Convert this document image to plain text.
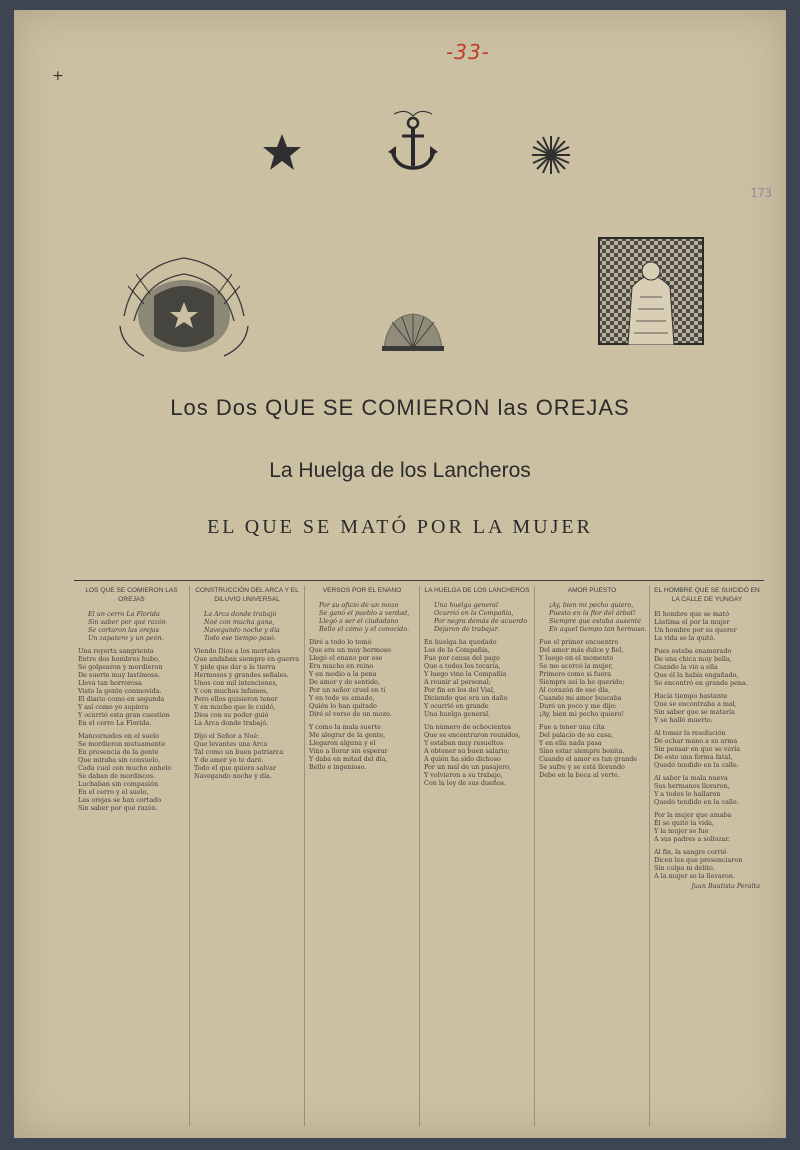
-33-
173
+
Los Dos QUE SE COMIERON las OREJAS
La Huelga de los Lancheros
EL QUE SE MATÓ POR LA MUJER
LOS QUE SE COMIERON LAS OREJAS
El un cerro La Florida
Sin saber por qué razón
Se cortaron las orejas
Un zapatero y un peón.
Una reyerta sangrienta
Entre dos hombres hubo,
Se golpearon y mordieron
De suerte muy lastimosa.
Lleva tan horrorosa
Visto la gente conmovida.
El diario como en segunda
Y así como yo supiera
Y ocurrió esta gran cuestión
En el cerro La Florida.

Mancornados en el suelo
Se mordieron mutuamente
En presencia de la gente
Que miraba sin consuelo,
Cada cual con mucho anhelo
Se daban de mordiscos.
Luchaban sin compasión
En el cerro y el suelo,
Las orejas se han cortado
Sin saber por qué razón.
CONSTRUCCIÓN DEL ARCA Y EL DILUVIO UNIVERSAL
La Arca donde trabajó
Noé con mucha gana,
Navegando noche y día
Todo ese tiempo pasó.
Viendo Dios a los mortales
Que andaban siempre en guerra
Y pide que dar a la tierra
Hermosos y grandes señales.
Unos con mil intenciones,
Y con muchas infames,
Pero ellos quisieron tener
Y en mucho que le cuidó,
Dios con su poder guió
La Arca donde trabajó.

Dijo el Señor a Noé:
Que levantes una Arca
Tal como un buen patriarca
Y de amor yo te daré.
Todo el que quiera salvar
Navegando noche y día.
VERSOS POR EL ENANO
Por su oficio de un mozo
Se ganó el pueblo a verdad,
Llegó a ser el ciudadano
Bello el cómo y el conocido.
Diré a todo lo tomó
Que era un muy hermoso
Llegó el enano por ese
Era mucho en reino
Y en medio a la pena
De amor y de sentido,
Por un señor cruel en ti
Y en todo su amado,
Quién lo han quitado
Diré el verso de un mozo.

Y como la mala suerte
Me alegrar de la gente,
Llegaron alguna y el
Vino a llorar sin esperar
Y daba en mitad del día,
Bello e ingenioso.
LA HUELGA DE LOS LANCHEROS
Una huelga general
Ocurrió en la Compañía,
Por negra demás de acuerdo
Dejaron de trabajar.
En huelga ha quedado
Los de la Compañía,
Fue por causa del pago
Que a todos los tocaría,
Y luego vino la Compañía
A reunir al personal;
Por fin en los del Vial,
Diciendo que era un daño
Y ocurrió en grande
Una huelga general.

Un número de ochocientos
Que se encontraron reunidos,
Y estaban muy resueltos
A obtener su buen salario;
A quién ha sido dichoso
Por un mal de un pasajero,
Y volvieron a su trabajo,
Con la ley de sus dueños.
AMOR PUESTO
¡Ay, bien mi pecho quiero,
Puesto en la flor del árbol!
Siempre que estaba ausente
En aquel tiempo tan hermoso.
Fue el primer encuentro
Del amor más dulce y fiel,
Y luego en el momento
Se me acercó la mujer,
Primero como si fuera
Siempre así la he querido;
Al corazón de ese día,
Cuando mi amor buscaba
Duró un poco y me dijo:
¡Ay, bien mi pecho quiero!

Fue a tener una cita
Del palacio de su casa,
Y en ella nada pasa
Sino estar siempre bonita.
Cuando el amor es tan grande
Se sufre y se está llorando
Debe en la boca al verte.
EL HOMBRE QUE SE SUICIDÓ EN LA CALLE DE YUNGAY
El hombre que se mató
Lástima el por la mujer
Un hombre por su querer
La vida se la quitó.

Pues estaba enamorado
De una chica muy bella,
Cuando la vio a ella
Que él la había engañado,
Se encontró en grande pena.

Hacía tiempo bastante
Que se encontraba a mal,
Sin saber que se mataría
Y se halló muerto.

Al tomar la resolución
De echar mano a su arma
Sin pensar en que se vería
De esto una forma fatal,
Quedó tendido en la calle.

Al saber la mala nueva
Sus hermanos lloraron,
Y a todos lo hallaron
Quedó tendido en la calle.

Por la mujer que amaba
Él se quitó la vida,
Y la mujer se fue
A sus padres a sollozar.

Al fin, la sangre corrió
Dicen los que presenciaron
Sin culpa ni delito.
A la mujer se la llevaron.
Juan Bautista Peralta
